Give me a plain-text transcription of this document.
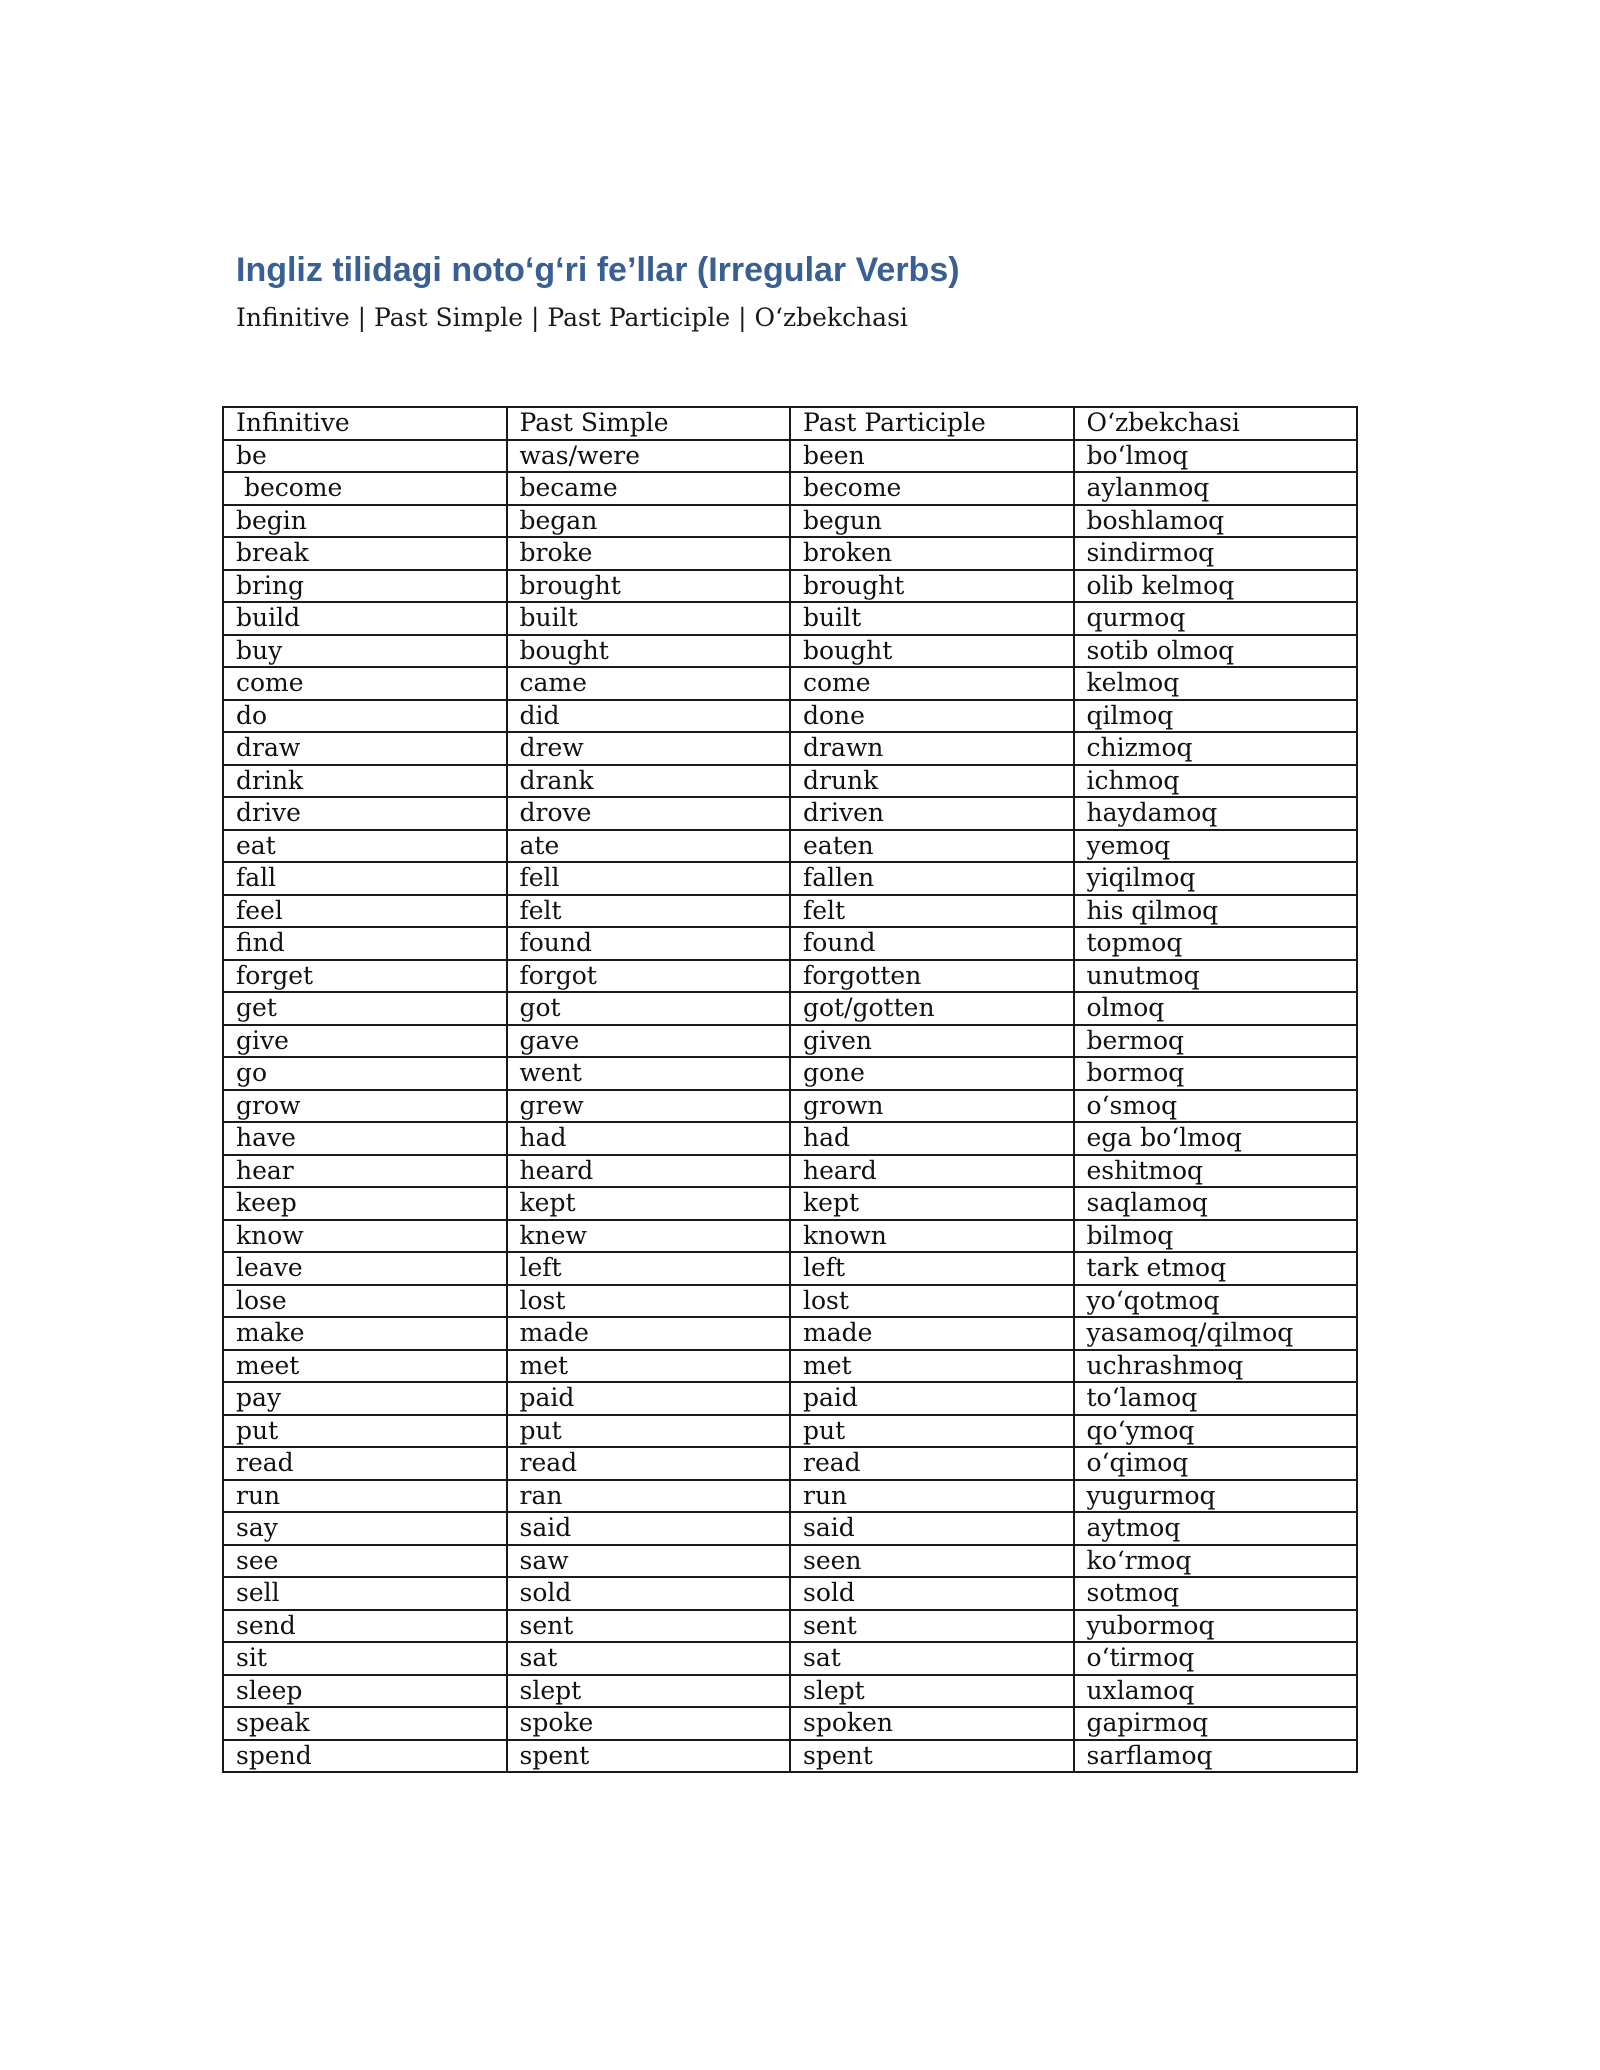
Ingliz tilidagi noto‘g‘ri fe’llar (Irregular Verbs)

Infinitive | Past Simple | Past Participle | O‘zbekchasi

Infinitive	Past Simple	Past Participle	O‘zbekchasi
be	was/were	been	bo‘lmoq
become	became	become	aylanmoq
begin	began	begun	boshlamoq
break	broke	broken	sindirmoq
bring	brought	brought	olib kelmoq
build	built	built	qurmoq
buy	bought	bought	sotib olmoq
come	came	come	kelmoq
do	did	done	qilmoq
draw	drew	drawn	chizmoq
drink	drank	drunk	ichmoq
drive	drove	driven	haydamoq
eat	ate	eaten	yemoq
fall	fell	fallen	yiqilmoq
feel	felt	felt	his qilmoq
find	found	found	topmoq
forget	forgot	forgotten	unutmoq
get	got	got/gotten	olmoq
give	gave	given	bermoq
go	went	gone	bormoq
grow	grew	grown	o‘smoq
have	had	had	ega bo‘lmoq
hear	heard	heard	eshitmoq
keep	kept	kept	saqlamoq
know	knew	known	bilmoq
leave	left	left	tark etmoq
lose	lost	lost	yo‘qotmoq
make	made	made	yasamoq/qilmoq
meet	met	met	uchrashmoq
pay	paid	paid	to‘lamoq
put	put	put	qo‘ymoq
read	read	read	o‘qimoq
run	ran	run	yugurmoq
say	said	said	aytmoq
see	saw	seen	ko‘rmoq
sell	sold	sold	sotmoq
send	sent	sent	yubormoq
sit	sat	sat	o‘tirmoq
sleep	slept	slept	uxlamoq
speak	spoke	spoken	gapirmoq
spend	spent	spent	sarflamoq
